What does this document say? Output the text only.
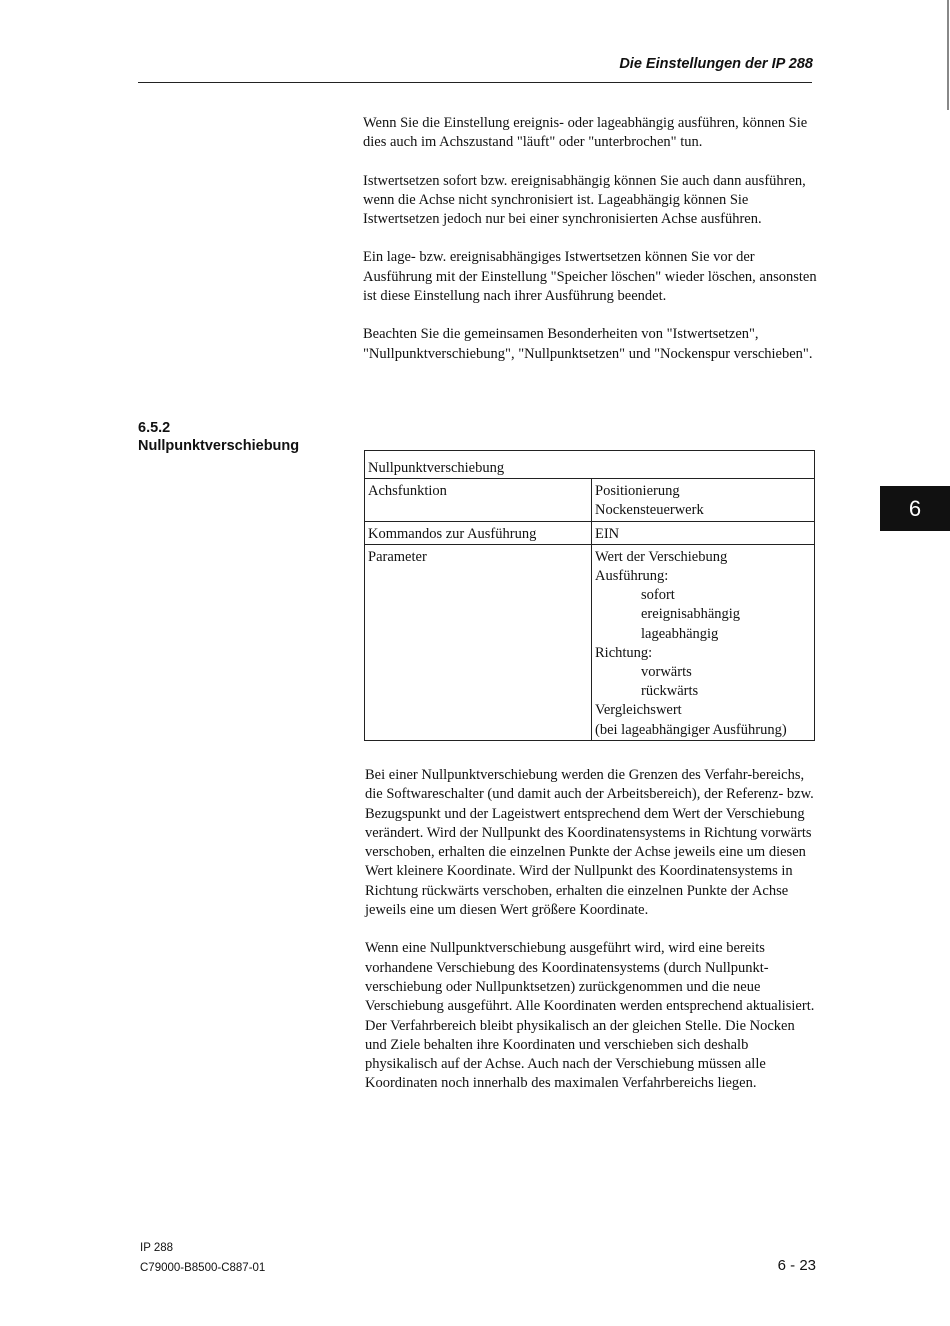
Die Einstellungen der IP 288
6

Wenn Sie die Einstellung ereignis- oder lageabhängig ausführen, können Sie dies auch im Achszustand "läuft" oder "unterbrochen" tun.

Istwertsetzen sofort bzw. ereignisabhängig können Sie auch dann ausführen, wenn die Achse nicht synchronisiert ist. Lageabhängig können Sie Istwertsetzen jedoch nur bei einer synchronisierten Achse ausführen.

Ein lage- bzw. ereignisabhängiges Istwertsetzen können Sie vor der Ausführung mit der Einstellung "Speicher löschen" wieder löschen, ansonsten ist diese Einstellung nach ihrer Ausführung beendet.

Beachten Sie die gemeinsamen Besonderheiten von "Istwertsetzen", "Nullpunktverschiebung", "Nullpunktsetzen" und "Nockenspur verschieben".

6.5.2
Nullpunktverschiebung
Nullpunktverschiebung
Achsfunktion	Positionierung
Nockensteuerwerk
Kommandos zur Ausführung	EIN
Parameter	Wert der Verschiebung
Ausführung:
sofort
ereignisabhängig
lageabhängig
Richtung:
vorwärts
rückwärts
Vergleichswert
(bei lageabhängiger Ausführung)

Bei einer Nullpunktverschiebung werden die Grenzen des Verfahr-bereichs, die Softwareschalter (und damit auch der Arbeitsbereich), der Referenz- bzw. Bezugspunkt und der Lageistwert entsprechend dem Wert der Verschiebung verändert. Wird der Nullpunkt des Koordinatensystems in Richtung vorwärts verschoben, erhalten die einzelnen Punkte der Achse jeweils eine um diesen Wert kleinere Koordinate. Wird der Nullpunkt des Koordinatensystems in Richtung rückwärts verschoben, erhalten die einzelnen Punkte der Achse jeweils eine um diesen Wert größere Koordinate.

Wenn eine Nullpunktverschiebung ausgeführt wird, wird eine bereits vorhandene Verschiebung des Koordinatensystems (durch Nullpunkt-verschiebung oder Nullpunktsetzen) zurückgenommen und die neue Verschiebung ausgeführt. Alle Koordinaten werden entsprechend aktualisiert. Der Verfahrbereich bleibt physikalisch an der gleichen Stelle. Die Nocken und Ziele behalten ihre Koordinaten und verschieben sich deshalb physikalisch auf der Achse. Auch nach der Verschiebung müssen alle Koordinaten noch innerhalb des maximalen Verfahrbereichs liegen.

IP 288
C79000-B8500-C887-01	6 - 23
